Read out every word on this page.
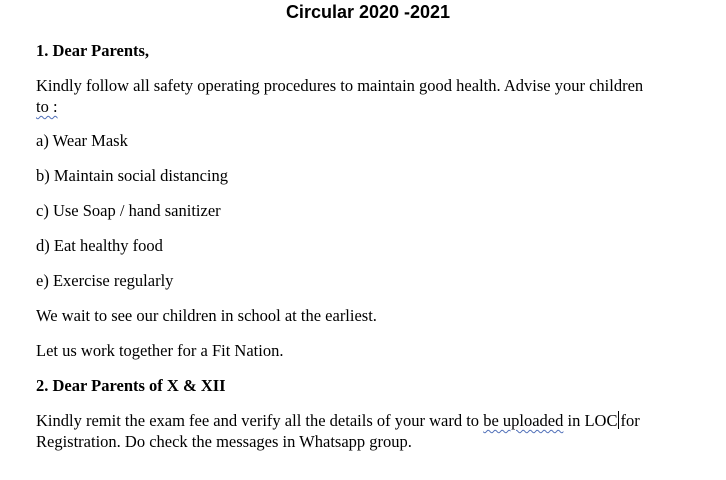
Circular 2020 -2021
1. Dear Parents,
Kindly follow all safety operating procedures to maintain good health. Advise your children
to :
a) Wear Mask
b) Maintain social distancing
c) Use Soap / hand sanitizer
d) Eat healthy food
e) Exercise regularly
We wait to see our children in school at the earliest.
Let us work together for a Fit Nation.
2. Dear Parents of X & XII
Kindly remit the exam fee and verify all the details of your ward to be uploaded in LOC for
Registration. Do check the messages in Whatsapp group.
